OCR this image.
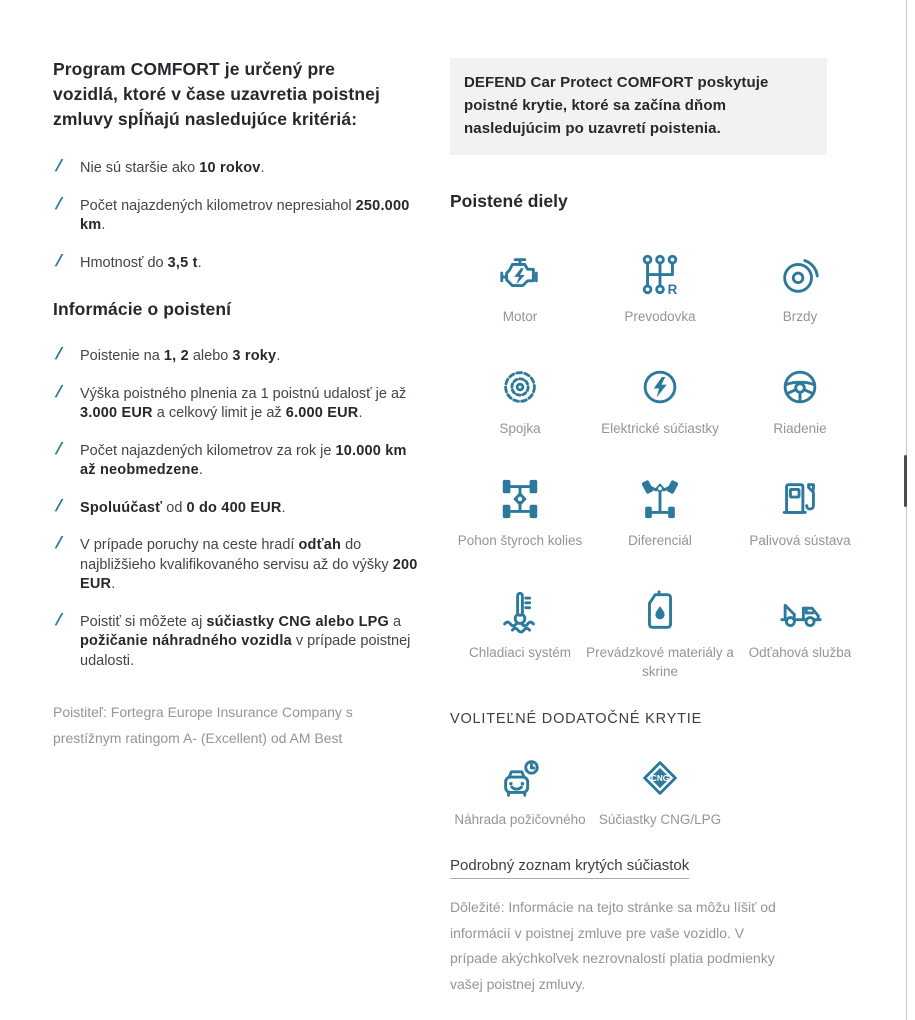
Program COMFORT je určený pre vozidlá, ktoré v čase uzavretia poistnej zmluvy spĺňajú nasledujúce kritériá:
/
Nie sú staršie ako 10 rokov.
/
Počet najazdených kilometrov nepresiahol 250.000 km.
/
Hmotnosť do 3,5 t.
Informácie o poistení
/
Poistenie na 1, 2 alebo 3 roky.
/
Výška poistného plnenia za 1 poistnú udalosť je až 3.000 EUR a celkový limit je až 6.000 EUR.
/
Počet najazdených kilometrov za rok je 10.000 km až neobmedzene.
/
Spoluúčasť od 0 do 400 EUR.
/
V prípade poruchy na ceste hradí odťah do najbližšieho kvalifikovaného servisu až do výšky 200 EUR.
/
Poistiť si môžete aj súčiastky CNG alebo LPG a požičanie náhradného vozidla v prípade poistnej udalosti.

Poistiteľ: Fortegra Europe Insurance Company s prestížnym ratingom A- (Excellent) od AM Best

DEFEND Car Protect COMFORT poskytuje poistné krytie, ktoré sa začína dňom nasledujúcim po uzavretí poistenia.
Poistené diely
Motor
R
Prevodovka	Brzdy
Spojka	Elektrické súčiastky	Riadenie
Pohon štyroch kolies	Diferenciál	Palivová sústava
Chladiaci systém	Prevádzkové materiály a skrine
Odťahová služba
VOLITEĽNÉ DODATOČNÉ KRYTIE
Náhrada požičovného
CNG
Súčiastky CNG/LPG
Podrobný zoznam krytých súčiastok

Dôležité: Informácie na tejto stránke sa môžu líšiť od informácií v poistnej zmluve pre vaše vozidlo. V prípade akýchkoľvek nezrovnalostí platia podmienky vašej poistnej zmluvy.
